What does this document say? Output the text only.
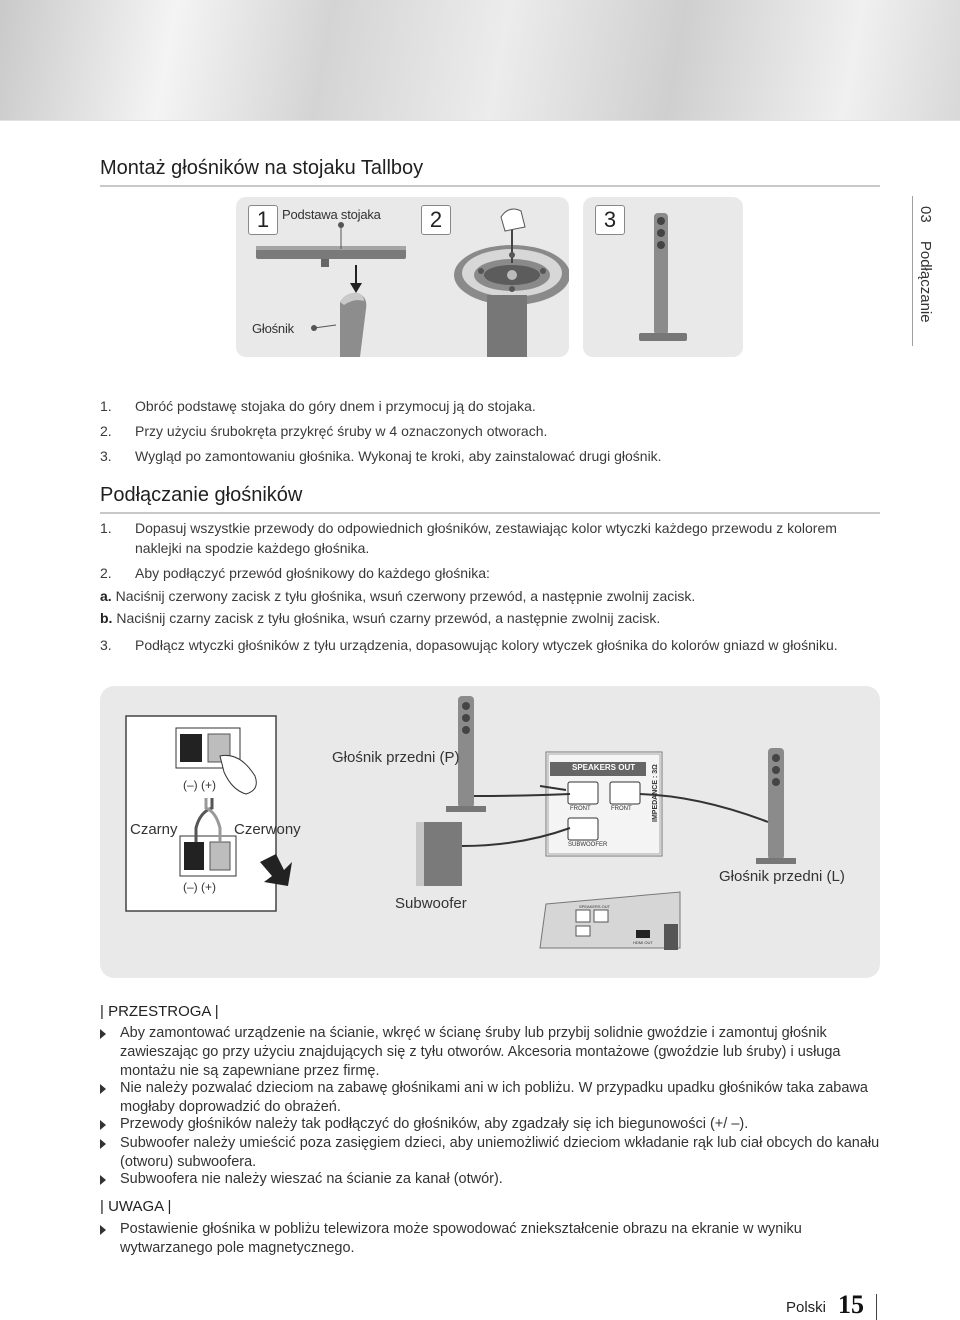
Montaż głośników na stojaku Tallboy
03 Podłączanie
1 Podstawa stojaka
Głośnik
2	3
1. Obróć podstawę stojaka do góry dnem i przymocuj ją do stojaka.
2. Przy użyciu śrubokręta przykręć śruby w 4 oznaczonych otworach.
3. Wygląd po zamontowaniu głośnika. Wykonaj te kroki, aby zainstalować drugi głośnik.
Podłączanie głośników
1. Dopasuj wszystkie przewody do odpowiednich głośników, zestawiając kolor wtyczki każdego przewodu z kolorem
naklejki na spodzie każdego głośnika.
2. Aby podłączyć przewód głośnikowy do każdego głośnika:
a. Naciśnij czerwony zacisk z tyłu głośnika, wsuń czerwony przewód, a następnie zwolnij zacisk.
b. Naciśnij czarny zacisk z tyłu głośnika, wsuń czarny przewód, a następnie zwolnij zacisk.
3. Podłącz wtyczki głośników z tyłu urządzenia, dopasowując kolory wtyczek głośnika do kolorów gniazd w głośniku.
(–) (+)
(–) (+)
Czarny	Czerwony
Głośnik przedni (P)
Głośnik przedni (L)
Subwoofer
SPEAKERS OUT
FRONT	FRONT
SUBWOOFER
IMPEDANCE : 3Ω
SPEAKERS OUT
HDMI OUT
| PRZESTROGA |
Aby zamontować urządzenie na ścianie, wkręć w ścianę śruby lub przybij solidnie gwoździe i zamontuj głośnik zawieszając go przy użyciu znajdujących się z tyłu otworów. Akcesoria montażowe (gwoździe lub śruby) i usługa montażu nie są zapewniane przez firmę.
Nie należy pozwalać dzieciom na zabawę głośnikami ani w ich pobliżu. W przypadku upadku głośników taka zabawa mogłaby doprowadzić do obrażeń.
Przewody głośników należy tak podłączyć do głośników, aby zgadzały się ich biegunowości (+/ –).
Subwoofer należy umieścić poza zasięgiem dzieci, aby uniemożliwić dzieciom wkładanie rąk lub ciał obcych do kanału (otworu) subwoofera.
Subwoofera nie należy wieszać na ścianie za kanał (otwór).
| UWAGA |
Postawienie głośnika w pobliżu telewizora może spowodować zniekształcenie obrazu na ekranie w wyniku wytwarzanego pole magnetycznego.
Polski 15
